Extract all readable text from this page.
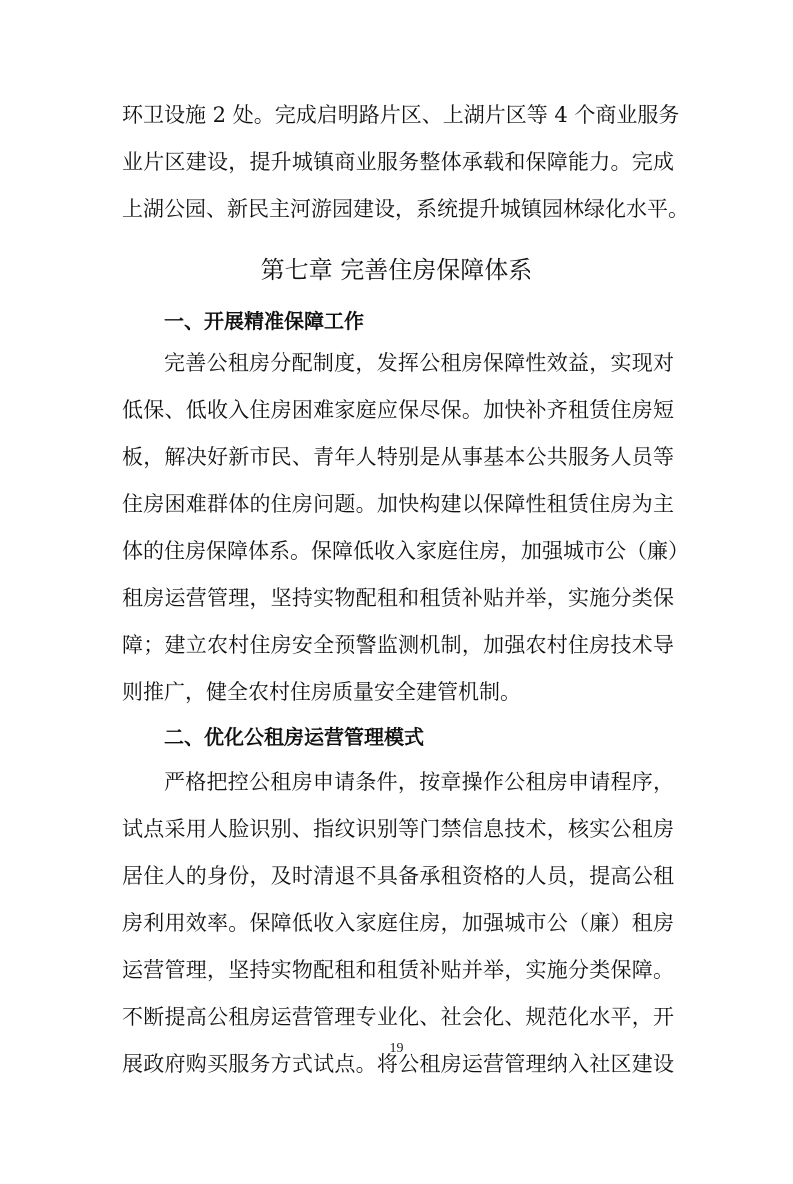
环卫设施 2 处。完成启明路片区、上湖片区等 4 个商业服务
业片区建设，提升城镇商业服务整体承载和保障能力。完成
上湖公园、新民主河游园建设，系统提升城镇园林绿化水平。
第七章 完善住房保障体系
一、开展精准保障工作
完善公租房分配制度，发挥公租房保障性效益，实现对
低保、低收入住房困难家庭应保尽保。加快补齐租赁住房短
板，解决好新市民、青年人特别是从事基本公共服务人员等
住房困难群体的住房问题。加快构建以保障性租赁住房为主
体的住房保障体系。保障低收入家庭住房，加强城市公（廉）
租房运营管理，坚持实物配租和租赁补贴并举，实施分类保
障；建立农村住房安全预警监测机制，加强农村住房技术导
则推广，健全农村住房质量安全建管机制。
二、优化公租房运营管理模式
严格把控公租房申请条件，按章操作公租房申请程序，
试点采用人脸识别、指纹识别等门禁信息技术，核实公租房
居住人的身份，及时清退不具备承租资格的人员，提高公租
房利用效率。保障低收入家庭住房，加强城市公（廉）租房
运营管理，坚持实物配租和租赁补贴并举，实施分类保障。
不断提高公租房运营管理专业化、社会化、规范化水平，开
展政府购买服务方式试点。将公租房运营管理纳入社区建设
19
